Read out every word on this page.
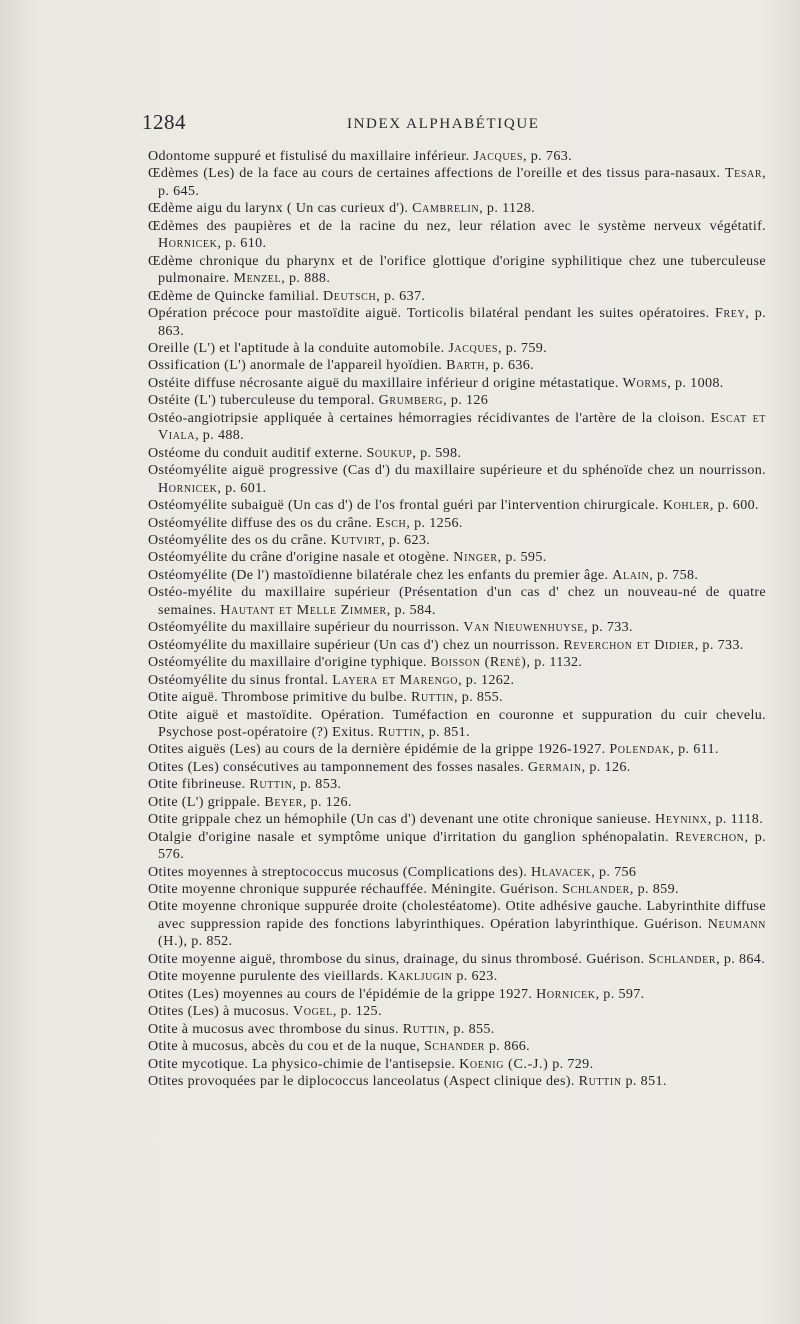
1284	INDEX ALPHABÉTIQUE
Odontome suppuré et fistulisé du maxillaire inférieur. Jacques, p. 763.
Œdèmes (Les) de la face au cours de certaines affections de l'oreille et des tissus para-nasaux. Tesar, p. 645.
Œdème aigu du larynx ( Un cas curieux d'). Cambrelin, p. 1128.
Œdèmes des paupières et de la racine du nez, leur rélation avec le système nerveux végétatif. Hornicek, p. 610.
Œdème chronique du pharynx et de l'orifice glottique d'origine syphilitique chez une tuberculeuse pulmonaire. Menzel, p. 888.
Œdème de Quincke familial. Deutsch, p. 637.
Opération précoce pour mastoïdite aiguë. Torticolis bilatéral pendant les suites opératoires. Frey, p. 863.
Oreille (L') et l'aptitude à la conduite automobile. Jacques, p. 759.
Ossification (L') anormale de l'appareil hyoïdien. Barth, p. 636.
Ostéite diffuse nécrosante aiguë du maxillaire inférieur d origine métastatique. Worms, p. 1008.
Ostéite (L') tuberculeuse du temporal. Grumberg, p. 126
Ostéo-angiotripsie appliquée à certaines hémorragies récidivantes de l'artère de la cloison. Escat et Viala, p. 488.
Ostéome du conduit auditif externe. Soukup, p. 598.
Ostéomyélite aiguë progressive (Cas d') du maxillaire supérieure et du sphénoïde chez un nourrisson. Hornicek, p. 601.
Ostéomyélite subaiguë (Un cas d') de l'os frontal guéri par l'intervention chirurgicale. Kohler, p. 600.
Ostéomyélite diffuse des os du crâne. Esch, p. 1256.
Ostéomyélite des os du crâne. Kutvirt, p. 623.
Ostéomyélite du crâne d'origine nasale et otogène. Ninger, p. 595.
Ostéomyélite (De l') mastoïdienne bilatérale chez les enfants du premier âge. Alain, p. 758.
Ostéo-myélite du maxillaire supérieur (Présentation d'un cas d' chez un nouveau-né de quatre semaines. Hautant et Melle Zimmer, p. 584.
Ostéomyélite du maxillaire supérieur du nourrisson. Van Nieuwenhuyse, p. 733.
Ostéomyélite du maxillaire supérieur (Un cas d') chez un nourrisson. Reverchon et Didier, p. 733.
Ostéomyélite du maxillaire d'origine typhique. Boisson (René), p. 1132.
Ostéomyélite du sinus frontal. Layera et Marengo, p. 1262.
Otite aiguë. Thrombose primitive du bulbe. Ruttin, p. 855.
Otite aiguë et mastoïdite. Opération. Tuméfaction en couronne et suppuration du cuir chevelu. Psychose post-opératoire (?) Exitus. Ruttin, p. 851.
Otites aiguës (Les) au cours de la dernière épidémie de la grippe 1926-1927. Polendak, p. 611.
Otites (Les) consécutives au tamponnement des fosses nasales. Germain, p. 126.
Otite fibrineuse. Ruttin, p. 853.
Otite (L') grippale. Beyer, p. 126.
Otite grippale chez un hémophile (Un cas d') devenant une otite chronique sanieuse. Heyninx, p. 1118.
Otalgie d'origine nasale et symptôme unique d'irritation du ganglion sphénopalatin. Reverchon, p. 576.
Otites moyennes à streptococcus mucosus (Complications des). Hlavacek, p. 756
Otite moyenne chronique suppurée réchauffée. Méningite. Guérison. Schlander, p. 859.
Otite moyenne chronique suppurée droite (cholestéatome). Otite adhésive gauche. Labyrinthite diffuse avec suppression rapide des fonctions labyrinthiques. Opération labyrinthique. Guérison. Neumann (H.), p. 852.
Otite moyenne aiguë, thrombose du sinus, drainage, du sinus thrombosé. Guérison. Schlander, p. 864.
Otite moyenne purulente des vieillards. Kakljugin p. 623.
Otites (Les) moyennes au cours de l'épidémie de la grippe 1927. Hornicek, p. 597.
Otites (Les) à mucosus. Vogel, p. 125.
Otite à mucosus avec thrombose du sinus. Ruttin, p. 855.
Otite à mucosus, abcès du cou et de la nuque, Schander p. 866.
Otite mycotique. La physico-chimie de l'antisepsie. Koenig (C.-J.) p. 729.
Otites provoquées par le diplococcus lanceolatus (Aspect clinique des). Ruttin p. 851.
